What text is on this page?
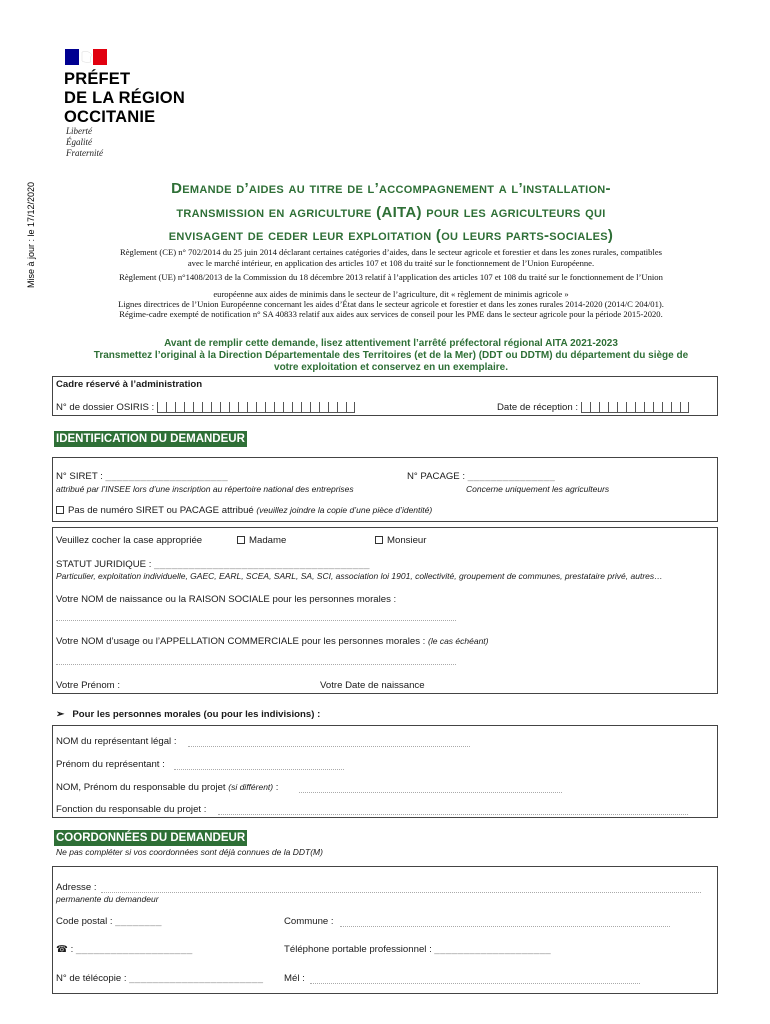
PRÉFET
DE LA RÉGION
OCCITANIE
Liberté
Égalité
Fraternité
Mise à jour : le 17/12/2020	Demande d’aides au titre de l’accompagnement a l’installation-
transmission en agriculture (AITA) pour les agriculteurs qui
envisagent de ceder leur exploitation (ou leurs parts-sociales)
Règlement (CE) n° 702/2014 du 25 juin 2014 déclarant certaines catégories d’aides, dans le secteur agricole et forestier et dans les zones rurales, compatibles
avec le marché intérieur, en application des articles 107 et 108 du traité sur le fonctionnement de l’Union Européenne.
Règlement (UE) n°1408/2013 de la Commission du 18 décembre 2013 relatif à l’application des articles 107 et 108 du traité sur le fonctionnement de l’Union
européenne aux aides de minimis dans le secteur de l’agriculture, dit « règlement de minimis agricole »
Lignes directrices de l’Union Européenne concernant les aides d’État dans le secteur agricole et forestier et dans les zones rurales 2014-2020 (2014/C 204/01).
Régime-cadre exempté de notification n° SA 40833 relatif aux aides aux services de conseil pour les PME dans le secteur agricole pour la période 2015-2020.
Avant de remplir cette demande, lisez attentivement l’arrêté préfectoral régional AITA 2021-2023
Transmettez l’original à la Direction Départementale des Territoires (et de la Mer) (DDT ou DDTM) du département du siège de
votre exploitation et conservez en un exemplaire.
Cadre réservé à l’administration
N° de dossier OSIRIS :	Date de réception :
IDENTIFICATION DU DEMANDEUR
N° SIRET : _____________________
attribué par l’INSEE lors d’une inscription au répertoire national des entreprises
N° PACAGE : _______________
Concerne uniquement les agriculteurs
Pas de numéro SIRET ou PACAGE attribué (veuillez joindre la copie d’une pièce d’identité)
Veuillez cocher la case appropriée	Madame	Monsieur
STATUT JURIDIQUE : _____________________________________
Particulier, exploitation individuelle, GAEC, EARL, SCEA, SARL, SA, SCI, association loi 1901, collectivité, groupement de communes, prestataire privé, autres…
Votre NOM de naissance ou la RAISON SOCIALE pour les personnes morales :
Votre NOM d’usage ou l’APPELLATION COMMERCIALE pour les personnes morales : (le cas échéant)
Votre Prénom :	Votre Date de naissance
➢ Pour les personnes morales (ou pour les indivisions) :
NOM du représentant légal :
Prénom du représentant :
NOM, Prénom du responsable du projet (si différent) :
Fonction du responsable du projet :
COORDONNÉES DU DEMANDEUR
Ne pas compléter si vos coordonnées sont déjà connues de la DDT(M)
Adresse :
permanente du demandeur
Code postal : ________	Commune :
☎ : ____________________	Téléphone portable professionnel : ____________________
N° de télécopie : _______________________ Mél :
